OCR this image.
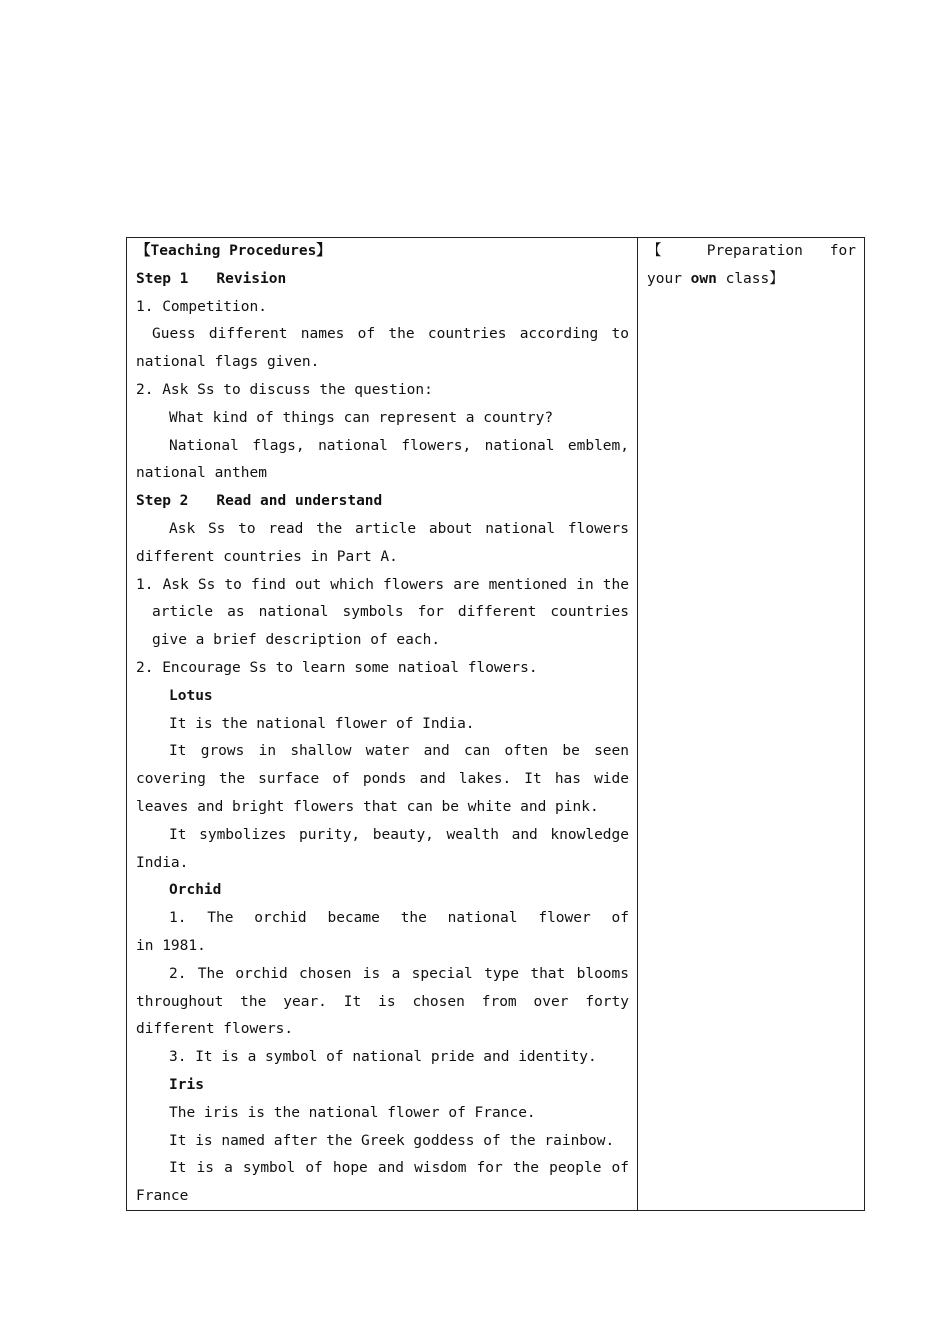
【Teaching Procedures】
Step 1 Revision
1. Competition.
Guess different names of the countries according to
national flags given.
2. Ask Ss to discuss the question:
What kind of things can represent a country?
National flags, national flowers, national emblem,
national anthem
Step 2 Read and understand
Ask Ss to read the article about national flowers
different countries in Part A.
1. Ask Ss to find out which flowers are mentioned in the
article as national symbols for different countries
give a brief description of each.
2. Encourage Ss to learn some natioal flowers.
Lotus
It is the national flower of India.
It grows in shallow water and can often be seen
covering the surface of ponds and lakes. It has wide
leaves and bright flowers that can be white and pink.
It symbolizes purity, beauty, wealth and knowledge
India.
Orchid
1. The orchid became the national flower of
in 1981.
2. The orchid chosen is a special type that blooms
throughout the year. It is chosen from over forty
different flowers.
3. It is a symbol of national pride and identity.
Iris
The iris is the national flower of France.
It is named after the Greek goddess of the rainbow.
It is a symbol of hope and wisdom for the people of
France
【 Preparation for
your own class】
